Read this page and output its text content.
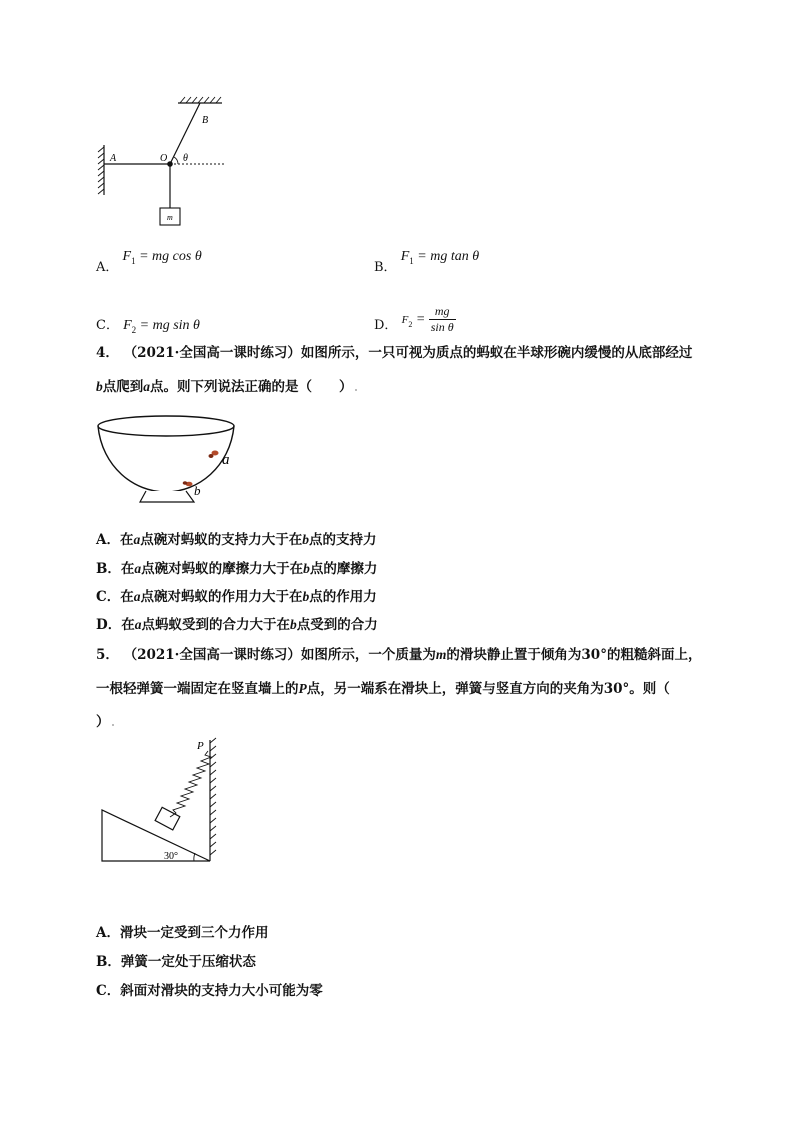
A	O
B
θ
m
A． $F_1$ = mg cos θ
B． $F_1$ = mg tan θ
C． $F_2$ = mg sin θ	D． $F_2 = \frac{mg}{\text{sin θ}}$
4． （2021·全国高一课时练习）如图所示，一只可视为质点的蚂蚁在半球形碗内缓慢的从底部经过
b点爬到a点。则下列说法正确的是（　　）
a
b
A．在a点碗对蚂蚁的支持力大于在b点的支持力
B．在a点碗对蚂蚁的摩擦力大于在b点的摩擦力
C．在a点碗对蚂蚁的作用力大于在b点的作用力
D．在a点蚂蚁受到的合力大于在b点受到的合力
5． （2021·全国高一课时练习）如图所示，一个质量为m的滑块静止置于倾角为30°的粗糙斜面上，
一根轻弹簧一端固定在竖直墙上的P点，另一端系在滑块上，弹簧与竖直方向的夹角为30°。则（
）
P
30°
A．滑块一定受到三个力作用
B．弹簧一定处于压缩状态
C．斜面对滑块的支持力大小可能为零
